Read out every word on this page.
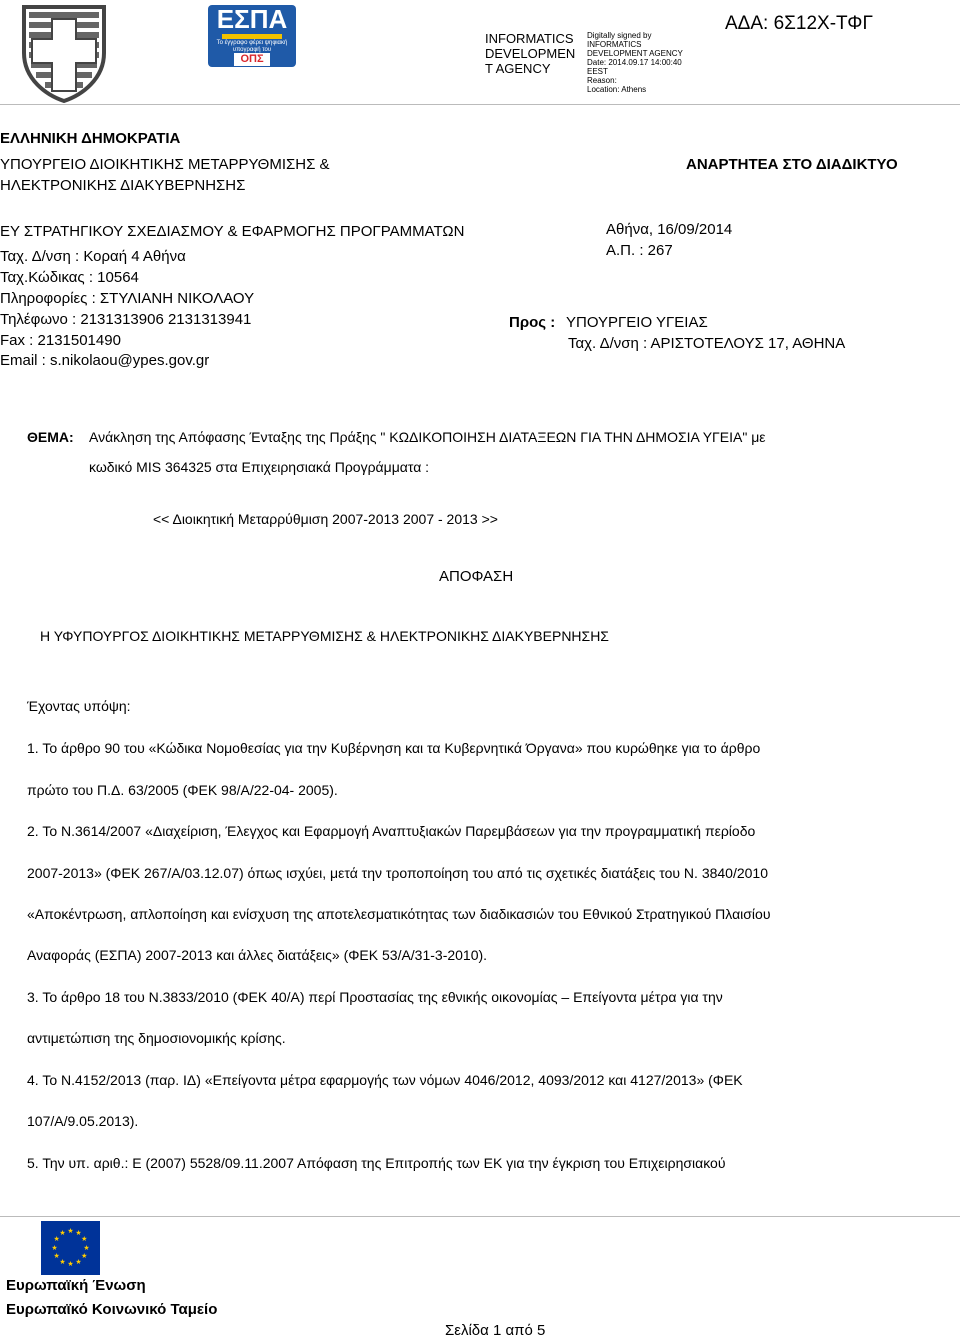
ΕΣΠΑ
Το έγγραφο φέρει ψηφιακή υπογραφή του
ΟΠΣ
INFORMATICS
DEVELOPMEN
T AGENCY
Digitally signed by
INFORMATICS
DEVELOPMENT AGENCY
Date: 2014.09.17 14:00:40
EEST
Reason:
Location: Athens
ΑΔΑ: 6Σ12Χ-ΤΦΓ
ΕΛΛΗΝΙΚΗ ΔΗΜΟΚΡΑΤΙΑ
ΥΠΟΥΡΓΕΙΟ ΔΙΟΙΚΗΤΙΚΗΣ ΜΕΤΑΡΡΥΘΜΙΣΗΣ &
ΗΛΕΚΤΡΟΝΙΚΗΣ ΔΙΑΚΥΒΕΡΝΗΣΗΣ
ΑΝΑΡΤΗΤΕΑ ΣΤΟ ΔΙΑΔΙΚΤΥΟ
ΕΥ ΣΤΡΑΤΗΓΙΚΟΥ ΣΧΕΔΙΑΣΜΟΥ & ΕΦΑΡΜΟΓΗΣ ΠΡΟΓΡΑΜΜΑΤΩΝ
Ταχ. Δ/νση : Κοραή 4 Αθήνα
Ταχ.Κώδικας : 10564
Πληροφορίες : ΣΤΥΛΙΑΝΗ ΝΙΚΟΛΑΟΥ
Τηλέφωνο : 2131313906 2131313941
Fax : 2131501490
Email : s.nikolaou@ypes.gov.gr
Αθήνα, 16/09/2014
Α.Π. : 267
Προς : ΥΠΟΥΡΓΕΙΟ ΥΓΕΙΑΣ
Ταχ. Δ/νση : ΑΡΙΣΤΟΤΕΛΟΥΣ 17, ΑΘΗΝΑ
ΘΕΜΑ: Ανάκληση της Απόφασης Ένταξης της Πράξης " ΚΩΔΙΚΟΠΟΙΗΣΗ ΔΙΑΤΑΞΕΩΝ ΓΙΑ ΤΗΝ ΔΗΜΟΣΙΑ ΥΓΕΙΑ" με
κωδικό MIS 364325 στα Επιχειρησιακά Προγράμματα :
<< Διοικητική Μεταρρύθμιση 2007-2013 2007 - 2013 >>
ΑΠΟΦΑΣΗ
Η ΥΦΥΠΟΥΡΓΟΣ ΔΙΟΙΚΗΤΙΚΗΣ ΜΕΤΑΡΡΥΘΜΙΣΗΣ & ΗΛΕΚΤΡΟΝΙΚΗΣ ΔΙΑΚΥΒΕΡΝΗΣΗΣ
Έχοντας υπόψη:
1. Το άρθρο 90 του «Κώδικα Νομοθεσίας για την Κυβέρνηση και τα Κυβερνητικά Όργανα» που κυρώθηκε για το άρθρο
πρώτο του Π.Δ. 63/2005 (ΦΕΚ 98/Α/22-04- 2005).
2. Το Ν.3614/2007 «Διαχείριση, Έλεγχος και Εφαρμογή Αναπτυξιακών Παρεμβάσεων για την προγραμματική περίοδο
2007-2013» (ΦΕΚ 267/Α/03.12.07) όπως ισχύει, μετά την τροποποίηση του από τις σχετικές διατάξεις του Ν. 3840/2010
«Αποκέντρωση, απλοποίηση και ενίσχυση της αποτελεσματικότητας των διαδικασιών του Εθνικού Στρατηγικού Πλαισίου
Αναφοράς (ΕΣΠΑ) 2007-2013 και άλλες διατάξεις» (ΦΕΚ 53/Α/31-3-2010).
3. Το άρθρο 18 του Ν.3833/2010 (ΦΕΚ 40/Α) περί Προστασίας της εθνικής οικονομίας – Επείγοντα μέτρα για την
αντιμετώπιση της δημοσιονομικής κρίσης.
4. Το Ν.4152/2013 (παρ. ΙΔ) «Επείγοντα μέτρα εφαρμογής των νόμων 4046/2012, 4093/2012 και 4127/2013» (ΦΕΚ
107/Α/9.05.2013).
5. Την υπ. αριθ.: Ε (2007) 5528/09.11.2007 Απόφαση της Επιτροπής των ΕΚ για την έγκριση του Επιχειρησιακού
★ ★
★
★
★
★
★
★
★
★
★
★
Ευρωπαϊκή Ένωση
Ευρωπαϊκό Κοινωνικό Ταμείο
Σελίδα 1 από 5
